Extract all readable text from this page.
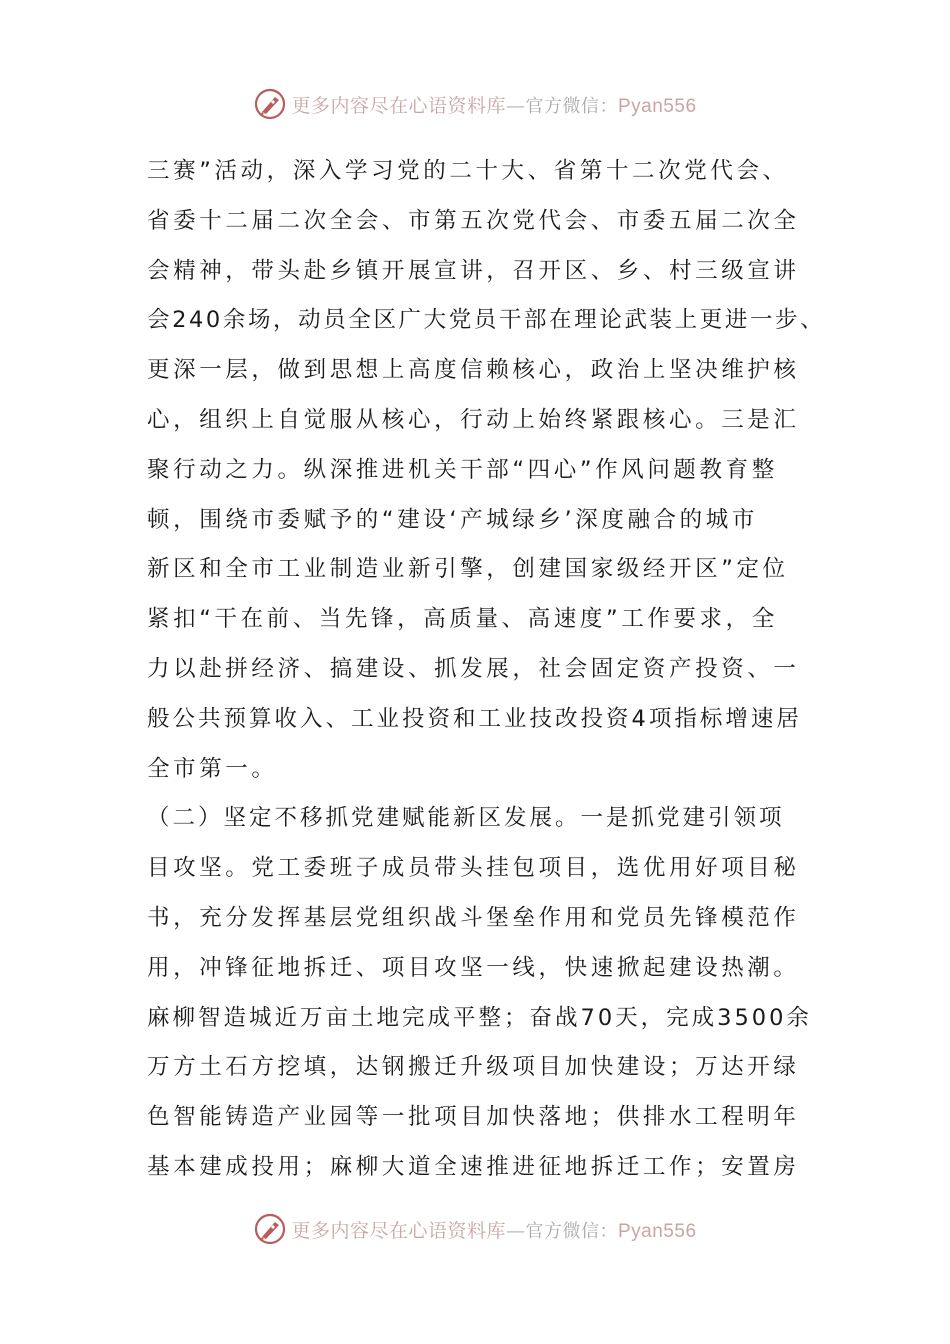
更多内容尽在心语资料库—官方微信：Pyan556
三赛”活动，深入学习党的二十大、省第十二次党代会、
省委十二届二次全会、市第五次党代会、市委五届二次全
会精神，带头赴乡镇开展宣讲，召开区、乡、村三级宣讲
会240余场，动员全区广大党员干部在理论武装上更进一步、
更深一层，做到思想上高度信赖核心，政治上坚决维护核
心，组织上自觉服从核心，行动上始终紧跟核心。三是汇
聚行动之力。纵深推进机关干部“四心”作风问题教育整
顿，围绕市委赋予的“建设‘产城绿乡’深度融合的城市
新区和全市工业制造业新引擎，创建国家级经开区”定位
紧扣“干在前、当先锋，高质量、高速度”工作要求，全
力以赴拼经济、搞建设、抓发展，社会固定资产投资、一
般公共预算收入、工业投资和工业技改投资4项指标增速居
全市第一。
（二）坚定不移抓党建赋能新区发展。一是抓党建引领项
目攻坚。党工委班子成员带头挂包项目，选优用好项目秘
书，充分发挥基层党组织战斗堡垒作用和党员先锋模范作
用，冲锋征地拆迁、项目攻坚一线，快速掀起建设热潮。
麻柳智造城近万亩土地完成平整；奋战70天，完成3500余
万方土石方挖填，达钢搬迁升级项目加快建设；万达开绿
色智能铸造产业园等一批项目加快落地；供排水工程明年
基本建成投用；麻柳大道全速推进征地拆迁工作；安置房
更多内容尽在心语资料库—官方微信：Pyan556
